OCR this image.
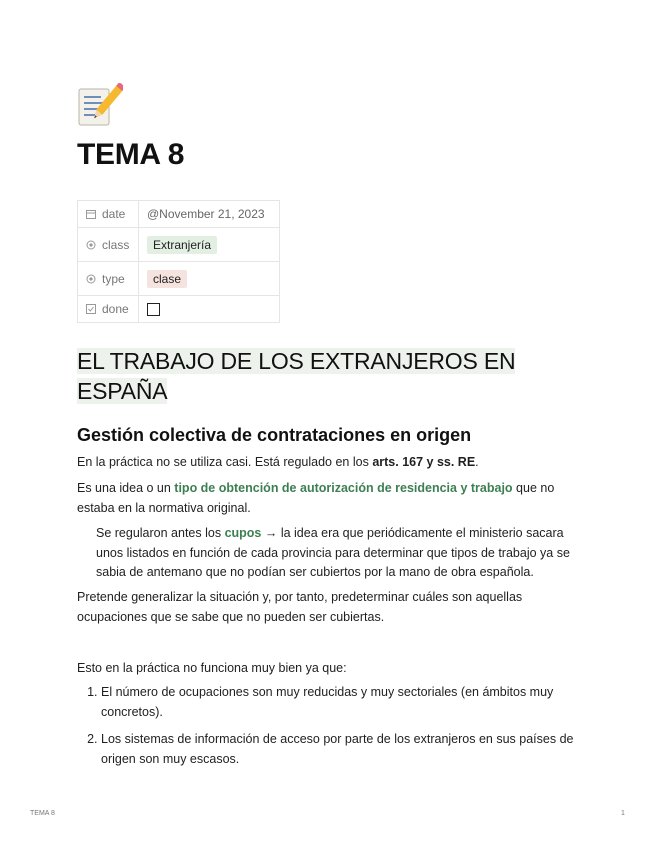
TEMA 8
date	@November 21, 2023
class	Extranjería
type	clase
done	
EL TRABAJO DE LOS EXTRANJEROS EN ESPAÑA
Gestión colectiva de contrataciones en origen

En la práctica no se utiliza casi. Está regulado en los arts. 167 y ss. RE.

Es una idea o un tipo de obtención de autorización de residencia y trabajo que no estaba en la normativa original.

Se regularon antes los cupos → la idea era que periódicamente el ministerio sacara unos listados en función de cada provincia para determinar que tipos de trabajo ya se sabia de antemano que no podían ser cubiertos por la mano de obra española.

Pretende generalizar la situación y, por tanto, predeterminar cuáles son aquellas ocupaciones que se sabe que no pueden ser cubiertas.

Esto en la práctica no funciona muy bien ya que:

1. El número de ocupaciones son muy reducidas y muy sectoriales (en ámbitos muy concretos).
2. Los sistemas de información de acceso por parte de los extranjeros en sus países de origen son muy escasos.
TEMA 8	1
